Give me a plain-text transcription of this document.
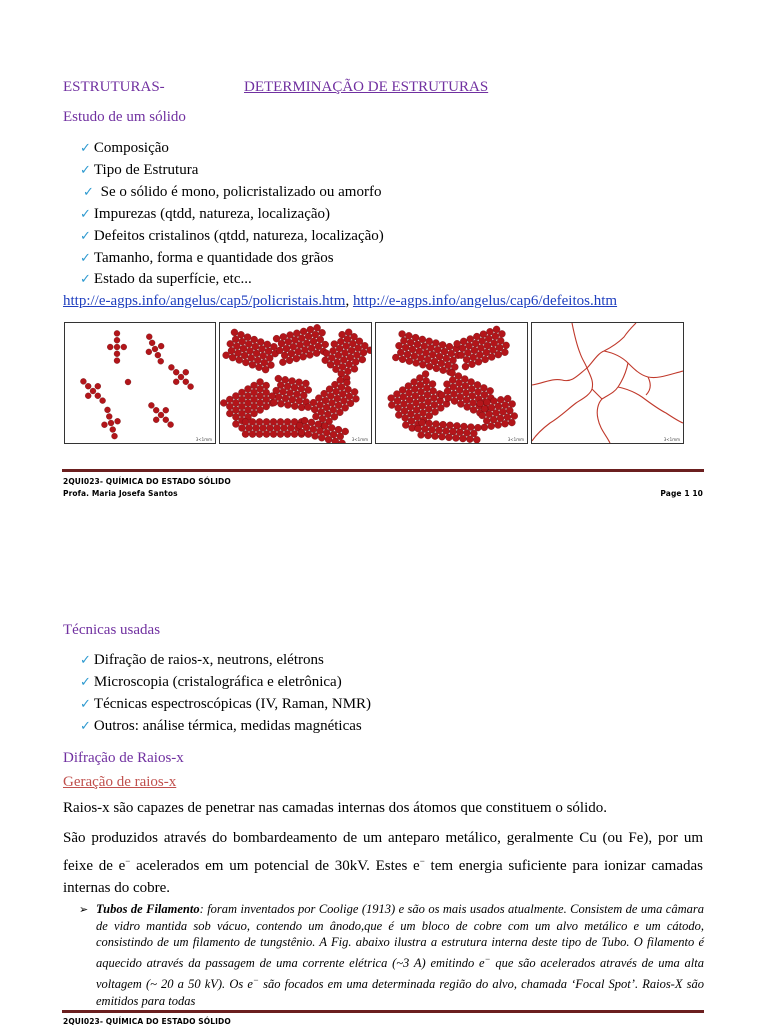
ESTRUTURAS-	DETERMINAÇÃO DE ESTRUTURAS
Estudo de um sólido
✓ Composição
✓ Tipo de Estrutura
✓ Se o sólido é mono, policristalizado ou amorfo
✓ Impurezas (qtdd, natureza, localização)
✓ Defeitos cristalinos (qtdd, natureza, localização)
✓ Tamanho, forma e quantidade dos grãos
✓ Estado da superfície, etc...
http://e-agps.info/angelus/cap5/policristais.htm, http://e-agps.info/angelus/cap6/defeitos.htm
3<1mm	3<1mm	3<1mm	3<1mm
2QUI023- QUÍMICA DO ESTADO SÓLIDO
Profa. Maria Josefa Santos	Page 1 10
Técnicas usadas
✓ Difração de raios-x, neutrons, elétrons
✓ Microscopia (cristalográfica e eletrônica)
✓ Técnicas espectroscópicas (IV, Raman, NMR)
✓ Outros: análise térmica, medidas magnéticas
Difração de Raios-x
Geração de raios-x
Raios-x são capazes de penetrar nas camadas internas dos átomos que constituem o sólido.
São produzidos através do bombardeamento de um anteparo metálico, geralmente Cu (ou Fe), por um feixe de e− acelerados em um potencial de 30kV. Estes e− tem energia suficiente para ionizar camadas internas do cobre.
➢ Tubos de Filamento: foram inventados por Coolige (1913) e são os mais usados atualmente. Consistem de uma câmara de vidro mantida sob vácuo, contendo um ânodo,que é um bloco de cobre com um alvo metálico e um cátodo, consistindo de um filamento de tungstênio. A Fig. abaixo ilustra a estrutura interna deste tipo de Tubo. O filamento é aquecido através da passagem de uma corrente elétrica (~3 A) emitindo e− que são acelerados através de uma alta voltagem (~ 20 a 50 kV). Os e− são focados em uma determinada região do alvo, chamada ‘Focal Spot’. Raios-X são emitidos para todas
2QUI023- QUÍMICA DO ESTADO SÓLIDO
